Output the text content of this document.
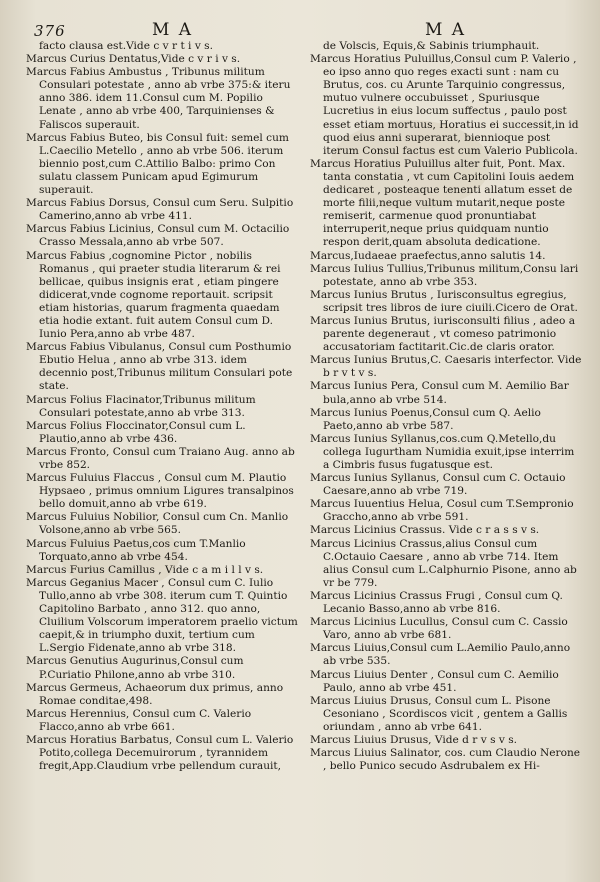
376	M A	M A

facto clausa est.Vide c v r t i v s.

Marcus Curius Dentatus,Vide c v r i v s.

Marcus Fabius Ambustus , Tribunus militum Consulari potestate , anno ab vrbe 375:& iteru anno 386. idem 11.Consul cum M. Popilio Lenate , anno ab vrbe 400, Tarquinienses & Faliscos superauit.

Marcus Fabius Buteo, bis Consul fuit: semel cum L.Caecilio Metello , anno ab vrbe 506. iterum biennio post,cum C.Attilio Balbo: primo Con sulatu classem Punicam apud Egimurum superauit.

Marcus Fabius Dorsus, Consul cum Seru. Sulpitio Camerino,anno ab vrbe 411.

Marcus Fabius Licinius, Consul cum M. Octacilio Crasso Messala,anno ab vrbe 507.

Marcus Fabius ,cognomine Pictor , nobilis Romanus , qui praeter studia literarum & rei bellicae, quibus insignis erat , etiam pingere didicerat,vnde cognome reportauit. scripsit etiam historias, quarum fragmenta quaedam etia hodie extant. fuit autem Consul cum D. Iunio Pera,anno ab vrbe 487.

Marcus Fabius Vibulanus, Consul cum Posthumio Ebutio Helua , anno ab vrbe 313. idem decennio post,Tribunus militum Consulari pote state.

Marcus Folius Flacinator,Tribunus militum Consulari potestate,anno ab vrbe 313.

Marcus Folius Floccinator,Consul cum L. Plautio,anno ab vrbe 436.

Marcus Fronto, Consul cum Traiano Aug. anno ab vrbe 852.

Marcus Fuluius Flaccus , Consul cum M. Plautio Hypsaeo , primus omnium Ligures transalpinos bello domuit,anno ab vrbe 619.

Marcus Fuluius Nobilior, Consul cum Cn. Manlio Volsone,anno ab vrbe 565.

Marcus Fuluius Paetus,cos cum T.Manlio Torquato,anno ab vrbe 454.

Marcus Furius Camillus , Vide c a m i l l v s.

Marcus Geganius Macer , Consul cum C. Iulio Tullo,anno ab vrbe 308. iterum cum T. Quintio Capitolino Barbato , anno 312. quo anno, Cluilium Volscorum imperatorem praelio victum caepit,& in triumpho duxit, tertium cum L.Sergio Fidenate,anno ab vrbe 318.

Marcus Genutius Augurinus,Consul cum P.Curiatio Philone,anno ab vrbe 310.

Marcus Germeus, Achaeorum dux primus, anno Romae conditae,498.

Marcus Herennius, Consul cum C. Valerio Flacco,anno ab vrbe 661.

Marcus Horatius Barbatus, Consul cum L. Valerio Potito,collega Decemuirorum , tyrannidem fregit,App.Claudium vrbe pellendum curauit,

de Volscis, Equis,& Sabinis triumphauit.

Marcus Horatius Puluillus,Consul cum P. Valerio , eo ipso anno quo reges exacti sunt : nam cu Brutus, cos. cu Arunte Tarquinio congressus, mutuo vulnere occubuisset , Spuriusque Lucretius in eius locum suffectus , paulo post esset etiam mortuus, Horatius ei successit,in id quod eius anni superarat, biennioque post iterum Consul factus est cum Valerio Publicola.

Marcus Horatius Puluillus alter fuit, Pont. Max. tanta constatia , vt cum Capitolini Iouis aedem dedicaret , posteaque tenenti allatum esset de morte filii,neque vultum mutarit,neque poste remiserit, carmenue quod pronuntiabat interruperit,neque prius quidquam nuntio respon derit,quam absoluta dedicatione.

Marcus,Iudaeae praefectus,anno salutis 14.

Marcus Iulius Tullius,Tribunus militum,Consu lari potestate, anno ab vrbe 353.

Marcus Iunius Brutus , Iurisconsultus egregius, scripsit tres libros de iure ciuili.Cicero de Orat.

Marcus Iunius Brutus, iurisconsulti filius , adeo a parente degeneraut , vt comeso patrimonio accusatoriam factitarit.Cic.de claris orator.

Marcus Iunius Brutus,C. Caesaris interfector. Vide b r v t v s.

Marcus Iunius Pera, Consul cum M. Aemilio Bar bula,anno ab vrbe 514.

Marcus Iunius Poenus,Consul cum Q. Aelio Paeto,anno ab vrbe 587.

Marcus Iunius Syllanus,cos.cum Q.Metello,du collega Iugurtham Numidia exuit,ipse interrim a Cimbris fusus fugatusque est.

Marcus Iunius Syllanus, Consul cum C. Octauio Caesare,anno ab vrbe 719.

Marcus Iuuentius Helua, Cosul cum T.Sempronio Graccho,anno ab vrbe 591.

Marcus Licinius Crassus. Vide c r a s s v s.

Marcus Licinius Crassus,alius Consul cum C.Octauio Caesare , anno ab vrbe 714. Item alius Consul cum L.Calphurnio Pisone, anno ab vr be 779.

Marcus Licinius Crassus Frugi , Consul cum Q. Lecanio Basso,anno ab vrbe 816.

Marcus Licinius Lucullus, Consul cum C. Cassio Varo, anno ab vrbe 681.

Marcus Liuius,Consul cum L.Aemilio Paulo,anno ab vrbe 535.

Marcus Liuius Denter , Consul cum C. Aemilio Paulo, anno ab vrbe 451.

Marcus Liuius Drusus, Consul cum L. Pisone Cesoniano , Scordiscos vicit , gentem a Gallis oriundam , anno ab vrbe 641.

Marcus Liuius Drusus, Vide d r v s v s.

Marcus Liuius Salinator, cos. cum Claudio Nerone , bello Punico secudo Asdrubalem ex Hi-
